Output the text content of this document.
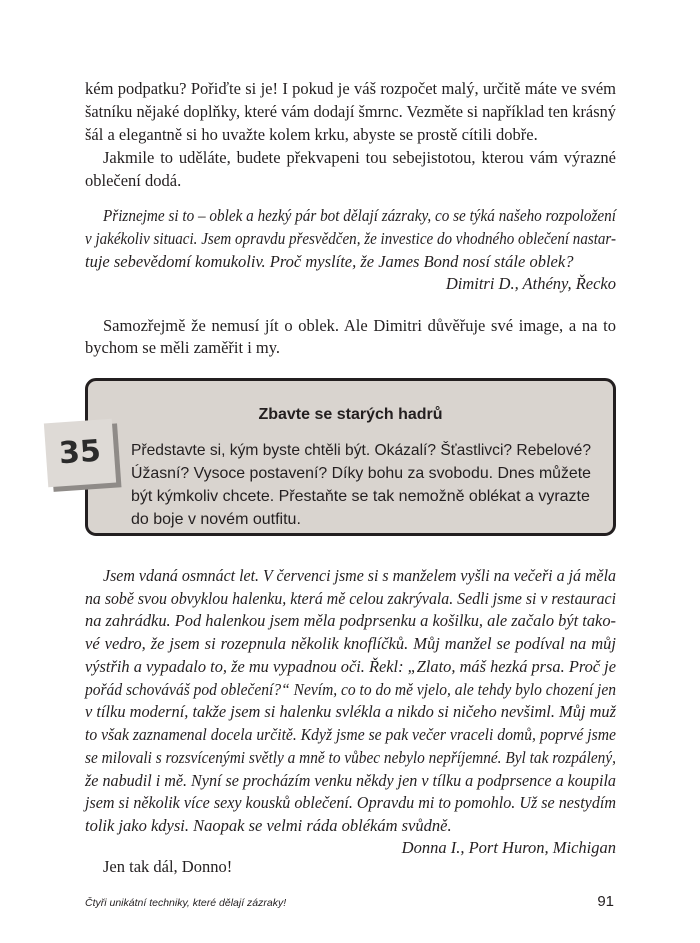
kém podpatku? Pořiďte si je! I pokud je váš rozpočet malý, určitě máte ve svém
šatníku nějaké doplňky, které vám dodají šmrnc. Vezměte si například ten krásný
šál a elegantně si ho uvažte kolem krku, abyste se prostě cítili dobře.
Jakmile to uděláte, budete překvapeni tou sebejistotou, kterou vám výrazné
oblečení dodá.
Přiznejme si to – oblek a hezký pár bot dělají zázraky, co se týká našeho rozpoložení
v jakékoliv situaci. Jsem opravdu přesvědčen, že investice do vhodného oblečení nastar-
tuje sebevědomí komukoliv. Proč myslíte, že James Bond nosí stále oblek?
Dimitri D., Athény, Řecko
Samozřejmě že nemusí jít o oblek. Ale Dimitri důvěřuje své image, a na to
bychom se měli zaměřit i my.
35
Zbavte se starých hadrů
Představte si, kým byste chtěli být. Okázalí? Šťastlivci? Rebelové?
Úžasní? Vysoce postavení? Díky bohu za svobodu. Dnes můžete
být kýmkoliv chcete. Přestaňte se tak nemožně oblékat a vyrazte
do boje v novém outfitu.
Jsem vdaná osmnáct let. V červenci jsme si s manželem vyšli na večeři a já měla
na sobě svou obvyklou halenku, která mě celou zakrývala. Sedli jsme si v restauraci
na zahrádku. Pod halenkou jsem měla podprsenku a košilku, ale začalo být tako-
vé vedro, že jsem si rozepnula několik knoflíčků. Můj manžel se podíval na můj
výstřih a vypadalo to, že mu vypadnou oči. Řekl: „Zlato, máš hezká prsa. Proč je
pořád schováváš pod oblečení?“ Nevím, co to do mě vjelo, ale tehdy bylo chození jen
v tílku moderní, takže jsem si halenku svlékla a nikdo si ničeho nevšiml. Můj muž
to však zaznamenal docela určitě. Když jsme se pak večer vraceli domů, poprvé jsme
se milovali s rozsvícenými světly a mně to vůbec nebylo nepříjemné. Byl tak rozpálený,
že nabudil i mě. Nyní se procházím venku někdy jen v tílku a podprsence a koupila
jsem si několik více sexy kousků oblečení. Opravdu mi to pomohlo. Už se nestydím
tolik jako kdysi. Naopak se velmi ráda oblékám svůdně.
Donna I., Port Huron, Michigan
Jen tak dál, Donno!
Čtyři unikátní techniky, které dělají zázraky!	91
